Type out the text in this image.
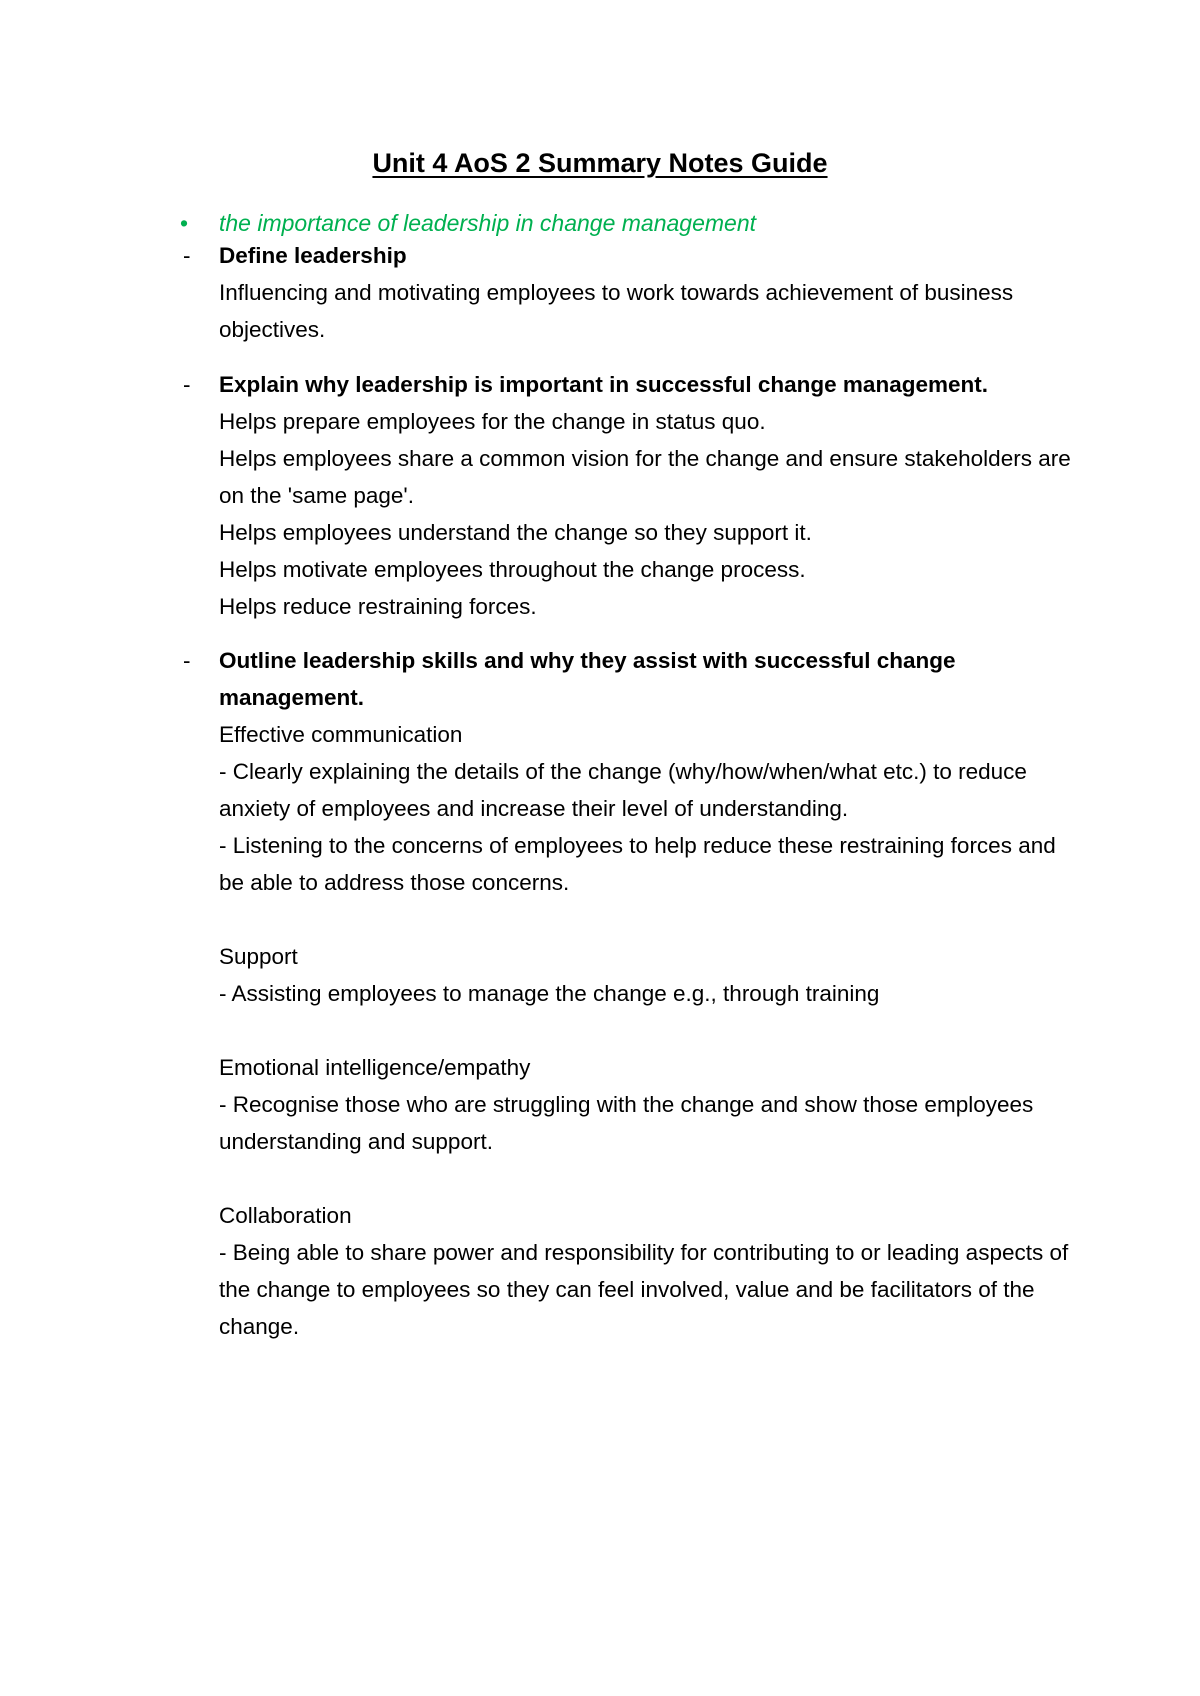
Unit 4 AoS 2 Summary Notes Guide
• the importance of leadership in change management
- Define leadership

Influencing and motivating employees to work towards achievement of business objectives.

- Explain why leadership is important in successful change management.

Helps prepare employees for the change in status quo.

Helps employees share a common vision for the change and ensure stakeholders are on the 'same page'.

Helps employees understand the change so they support it.

Helps motivate employees throughout the change process.

Helps reduce restraining forces.

- Outline leadership skills and why they assist with successful change management.

Effective communication

- Clearly explaining the details of the change (why/how/when/what etc.) to reduce anxiety of employees and increase their level of understanding.

- Listening to the concerns of employees to help reduce these restraining forces and be able to address those concerns.

Support

- Assisting employees to manage the change e.g., through training

Emotional intelligence/empathy

- Recognise those who are struggling with the change and show those employees understanding and support.

Collaboration

- Being able to share power and responsibility for contributing to or leading aspects of the change to employees so they can feel involved, value and be facilitators of the change.
